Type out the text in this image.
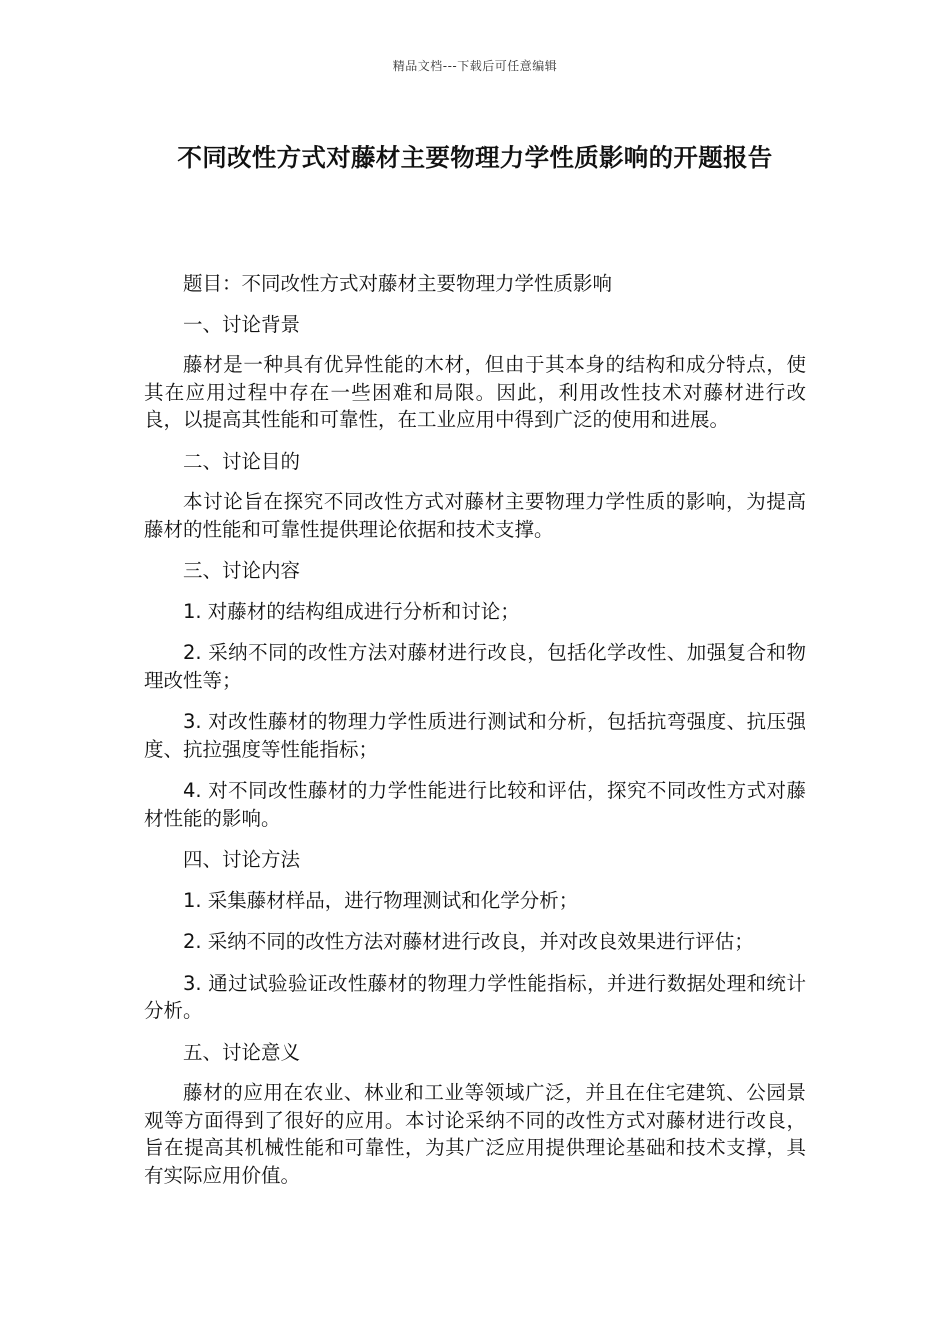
精品文档---下载后可任意编辑
不同改性方式对藤材主要物理力学性质影响的开题报告

题目：不同改性方式对藤材主要物理力学性质影响

一、讨论背景

藤材是一种具有优异性能的木材，但由于其本身的结构和成分特点，使其在应用过程中存在一些困难和局限。因此，利用改性技术对藤材进行改良，以提高其性能和可靠性，在工业应用中得到广泛的使用和进展。

二、讨论目的

本讨论旨在探究不同改性方式对藤材主要物理力学性质的影响，为提高藤材的性能和可靠性提供理论依据和技术支撑。

三、讨论内容

1. 对藤材的结构组成进行分析和讨论；

2. 采纳不同的改性方法对藤材进行改良，包括化学改性、加强复合和物理改性等；

3. 对改性藤材的物理力学性质进行测试和分析，包括抗弯强度、抗压强度、抗拉强度等性能指标；

4. 对不同改性藤材的力学性能进行比较和评估，探究不同改性方式对藤材性能的影响。

四、讨论方法

1. 采集藤材样品，进行物理测试和化学分析；

2. 采纳不同的改性方法对藤材进行改良，并对改良效果进行评估；

3. 通过试验验证改性藤材的物理力学性能指标，并进行数据处理和统计分析。

五、讨论意义

藤材的应用在农业、林业和工业等领域广泛，并且在住宅建筑、公园景观等方面得到了很好的应用。本讨论采纳不同的改性方式对藤材进行改良，旨在提高其机械性能和可靠性，为其广泛应用提供理论基础和技术支撑，具有实际应用价值。
